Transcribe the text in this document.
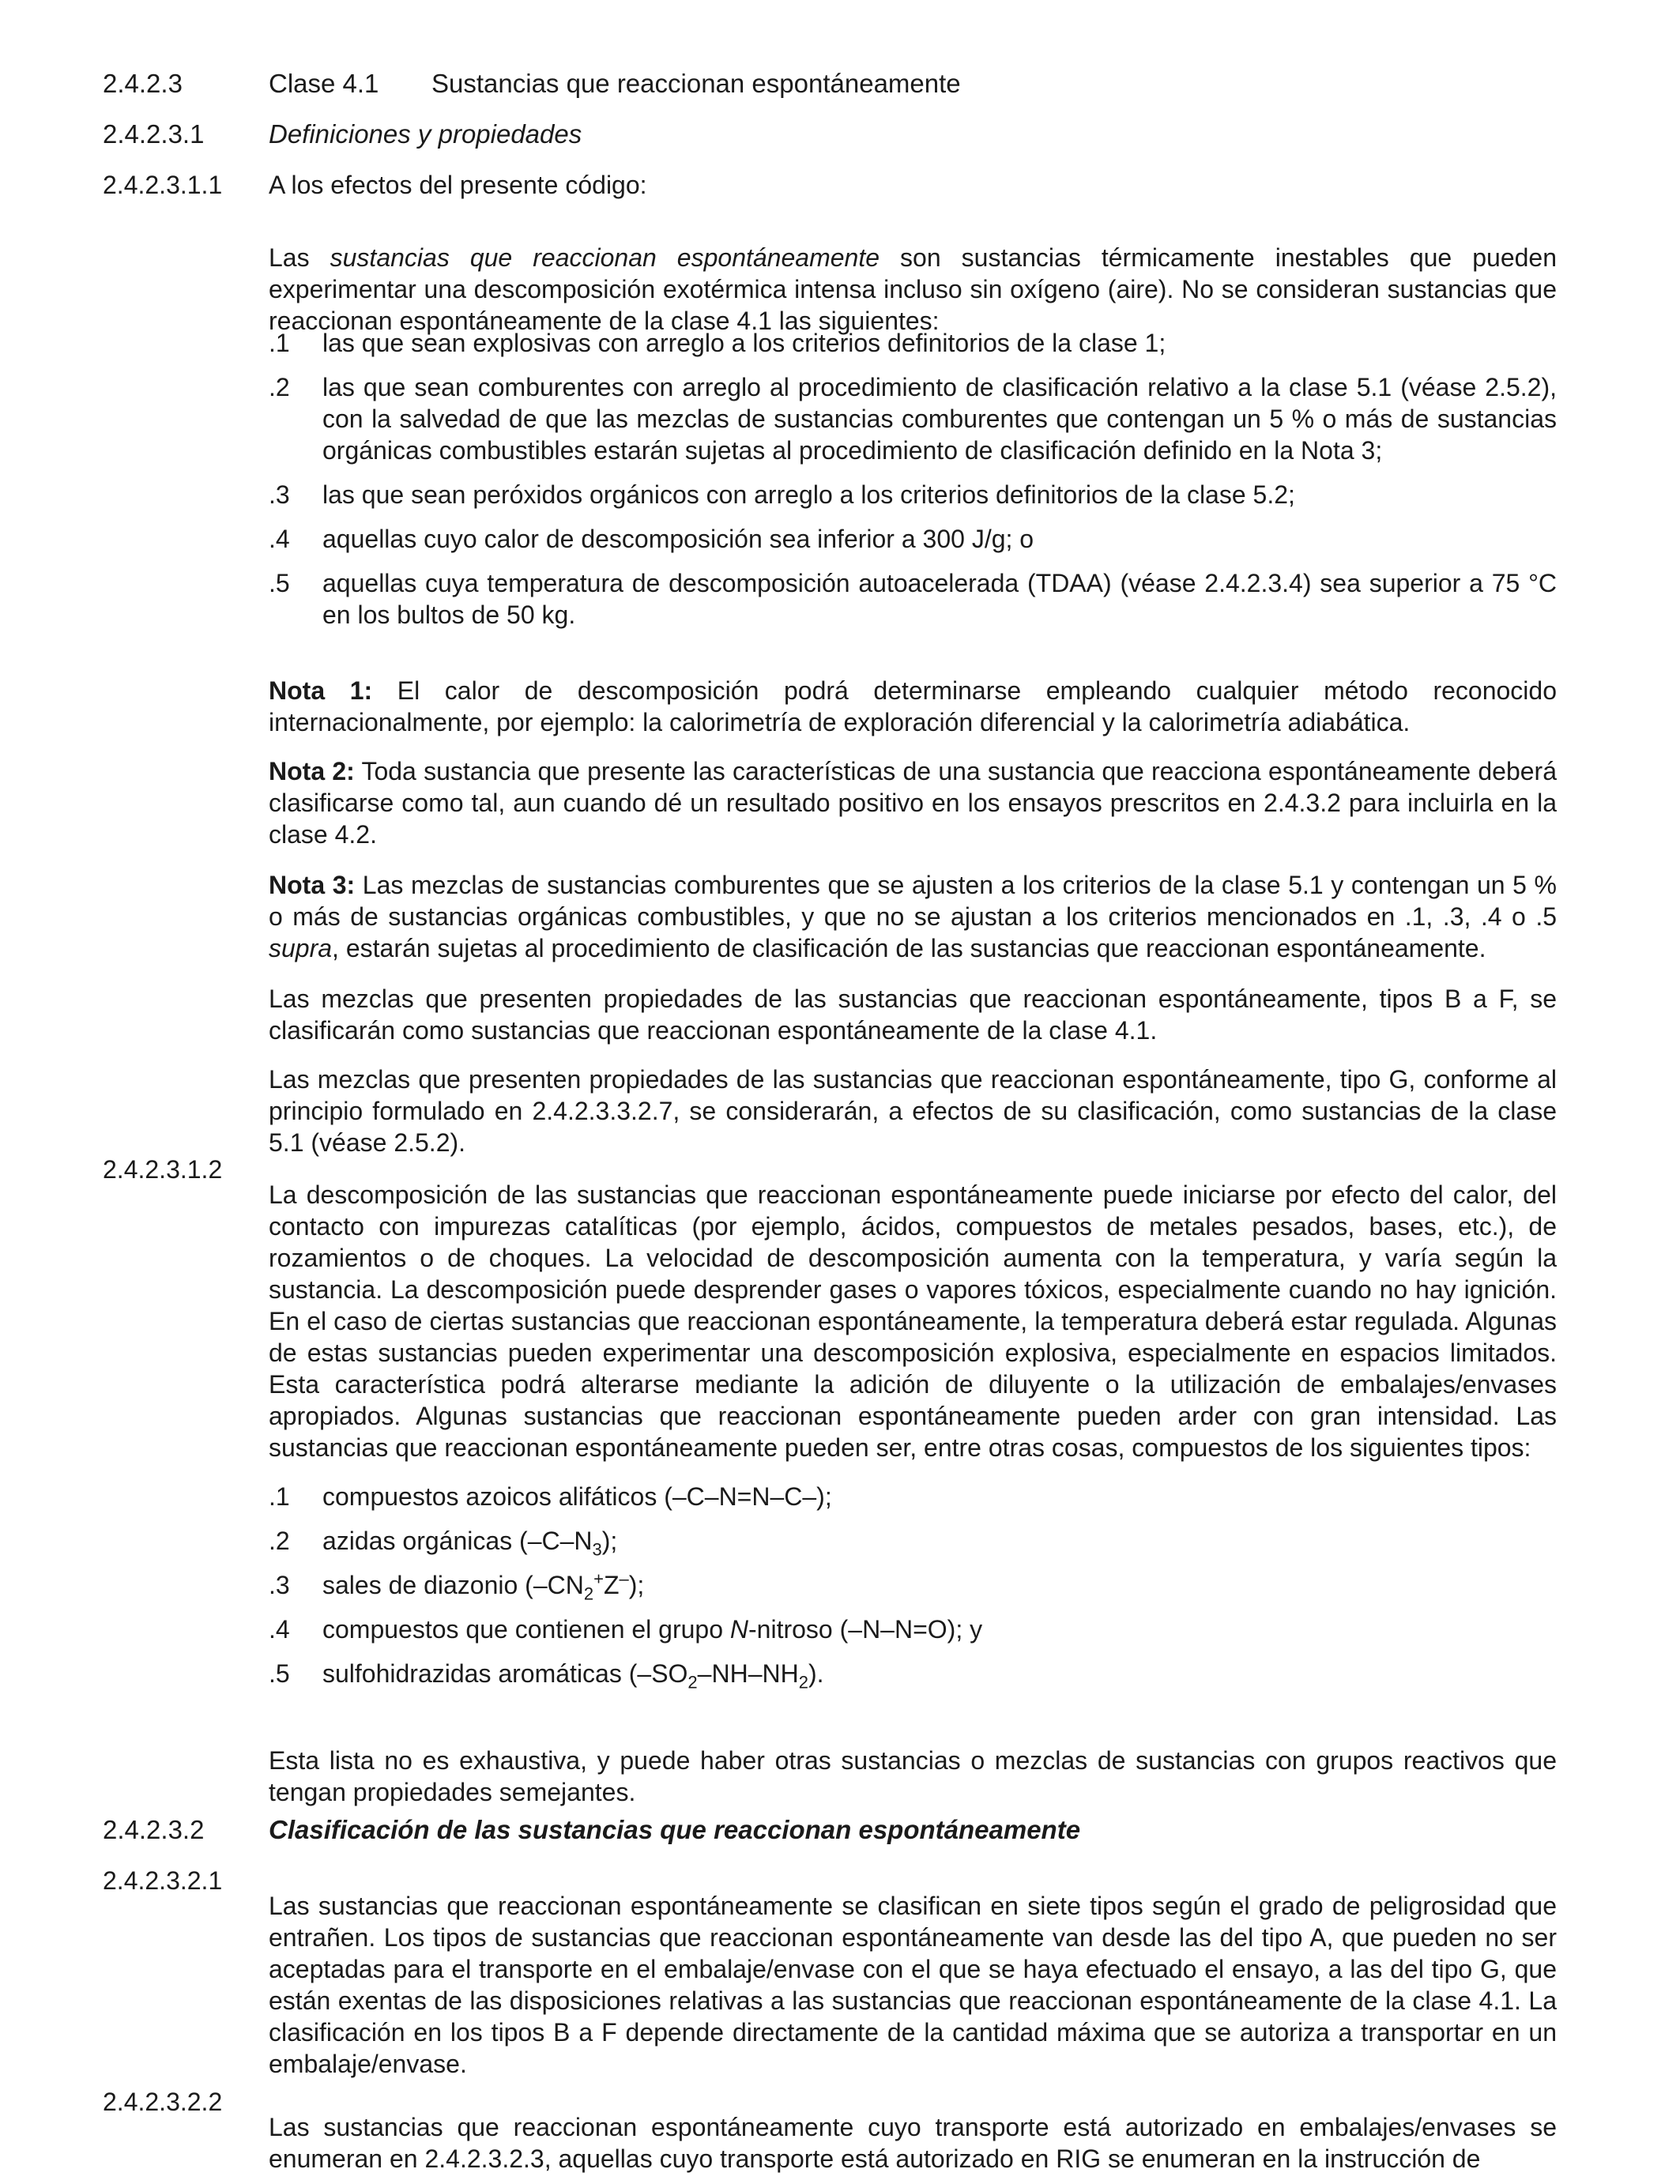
2.4.2.3	Clase 4.1 Sustancias que reaccionan espontáneamente
2.4.2.3.1 Definiciones y propiedades
2.4.2.3.1.1 A los efectos del presente código:

Las sustancias que reaccionan espontáneamente son sustancias térmicamente inestables que pueden experimentar una descomposición exotérmica intensa incluso sin oxígeno (aire). No se consideran sustancias que reaccionan espontáneamente de la clase 4.1 las siguientes:

.1 las que sean explosivas con arreglo a los criterios definitorios de la clase 1;
.2 las que sean comburentes con arreglo al procedimiento de clasificación relativo a la clase 5.1 (véase 2.5.2), con la salvedad de que las mezclas de sustancias comburentes que contengan un 5 % o más de sustancias orgánicas combustibles estarán sujetas al procedimiento de clasificación definido en la Nota 3;
.3 las que sean peróxidos orgánicos con arreglo a los criterios definitorios de la clase 5.2;
.4 aquellas cuyo calor de descomposición sea inferior a 300 J/g; o
.5 aquellas cuya temperatura de descomposición autoacelerada (TDAA) (véase 2.4.2.3.4) sea superior a 75 °C en los bultos de 50 kg.

Nota 1: El calor de descomposición podrá determinarse empleando cualquier método reconocido internacionalmente, por ejemplo: la calorimetría de exploración diferencial y la calorimetría adiabática.

Nota 2: Toda sustancia que presente las características de una sustancia que reacciona espontáneamente deberá clasificarse como tal, aun cuando dé un resultado positivo en los ensayos prescritos en 2.4.3.2 para incluirla en la clase 4.2.

Nota 3: Las mezclas de sustancias comburentes que se ajusten a los criterios de la clase 5.1 y contengan un 5 % o más de sustancias orgánicas combustibles, y que no se ajustan a los criterios mencionados en .1, .3, .4 o .5 supra, estarán sujetas al procedimiento de clasificación de las sustancias que reaccionan espontáneamente.

Las mezclas que presenten propiedades de las sustancias que reaccionan espontáneamente, tipos B a F, se clasificarán como sustancias que reaccionan espontáneamente de la clase 4.1.

Las mezclas que presenten propiedades de las sustancias que reaccionan espontáneamente, tipo G, conforme al principio formulado en 2.4.2.3.3.2.7, se considerarán, a efectos de su clasificación, como sustancias de la clase 5.1 (véase 2.5.2).

2.4.2.3.1.2

La descomposición de las sustancias que reaccionan espontáneamente puede iniciarse por efecto del calor, del contacto con impurezas catalíticas (por ejemplo, ácidos, compuestos de metales pesados, bases, etc.), de rozamientos o de choques. La velocidad de descomposición aumenta con la temperatura, y varía según la sustancia. La descomposición puede desprender gases o vapores tóxicos, especialmente cuando no hay ignición. En el caso de ciertas sustancias que reaccionan espontáneamente, la temperatura deberá estar regulada. Algunas de estas sustancias pueden experimentar una descomposición explosiva, especialmente en espacios limitados. Esta característica podrá alterarse mediante la adición de diluyente o la utilización de embalajes/envases apropiados. Algunas sustancias que reaccionan espontáneamente pueden arder con gran intensidad. Las sustancias que reaccionan espontáneamente pueden ser, entre otras cosas, compuestos de los siguientes tipos:

.1 compuestos azoicos alifáticos (–C–N=N–C–);
.2 azidas orgánicas $(-C-N_3)$;
.3 sales de diazonio $(-CN_2^+Z^-)$;
.4 compuestos que contienen el grupo N-nitroso (–N–N=O); y
.5 sulfohidrazidas aromáticas $(-SO_2-NH-NH_2)$.

Esta lista no es exhaustiva, y puede haber otras sustancias o mezclas de sustancias con grupos reactivos que tengan propiedades semejantes.

2.4.2.3.2 Clasificación de las sustancias que reaccionan espontáneamente
2.4.2.3.2.1

Las sustancias que reaccionan espontáneamente se clasifican en siete tipos según el grado de peligrosidad que entrañen. Los tipos de sustancias que reaccionan espontáneamente van desde las del tipo A, que pueden no ser aceptadas para el transporte en el embalaje/envase con el que se haya efectuado el ensayo, a las del tipo G, que están exentas de las disposiciones relativas a las sustancias que reaccionan espontáneamente de la clase 4.1. La clasificación en los tipos B a F depende directamente de la cantidad máxima que se autoriza a transportar en un embalaje/envase.

2.4.2.3.2.2

Las sustancias que reaccionan espontáneamente cuyo transporte está autorizado en embalajes/envases se enumeran en 2.4.2.3.2.3, aquellas cuyo transporte está autorizado en RIG se enumeran en la instrucción de
